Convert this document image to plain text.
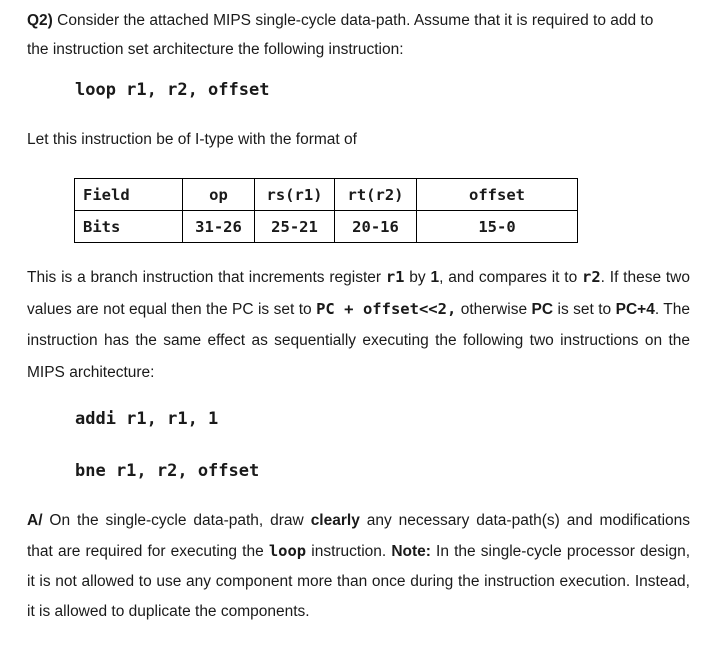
Q2) Consider the attached MIPS single-cycle data-path. Assume that it is required to add to
the instruction set architecture the following instruction:

loop r1, r2, offset

Let this instruction be of I-type with the format of

Field	op	rs(r1)	rt(r2)	offset
Bits	31-26	25-21	20-16	15-0

This is a branch instruction that increments register r1 by 1, and compares it to r2. If these two values are not equal then the PC is set to PC + offset<<2, otherwise PC is set to PC+4. The instruction has the same effect as sequentially executing the following two instructions on the MIPS architecture:

addi r1, r1, 1

bne r1, r2, offset

A/ On the single-cycle data-path, draw clearly any necessary data-path(s) and modifications that are required for executing the loop instruction. Note: In the single-cycle processor design, it is not allowed to use any component more than once during the instruction execution. Instead, it is allowed to duplicate the components.
